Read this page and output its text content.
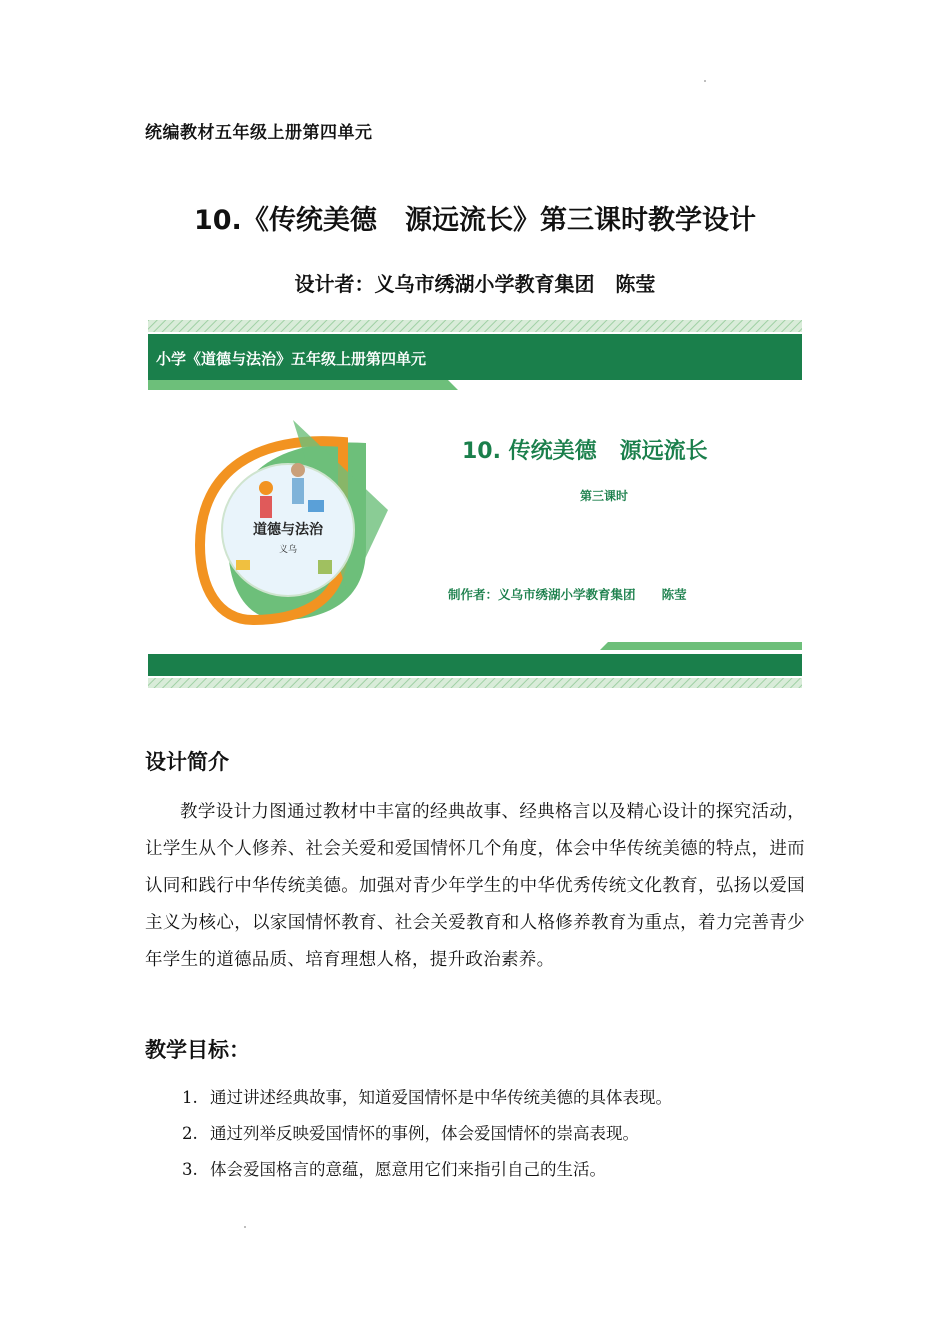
统编教材五年级上册第四单元
10.《传统美德   源远流长》第三课时教学设计
设计者：义乌市绣湖小学教育集团   陈莹
小学《道德与法治》五年级上册第四单元
道德与法治
义乌
10. 传统美德   源远流长
第三课时
制作者：义乌市绣湖小学教育集团      陈莹
设计简介
教学设计力图通过教材中丰富的经典故事、经典格言以及精心设计的探究活动，让学生从个人修养、社会关爱和爱国情怀几个角度，体会中华传统美德的特点，进而认同和践行中华传统美德。加强对青少年学生的中华优秀传统文化教育，弘扬以爱国主义为核心，以家国情怀教育、社会关爱教育和人格修养教育为重点，着力完善青少年学生的道德品质、培育理想人格，提升政治素养。
教学目标：
1. 通过讲述经典故事，知道爱国情怀是中华传统美德的具体表现。
2. 通过列举反映爱国情怀的事例，体会爱国情怀的崇高表现。
3. 体会爱国格言的意蕴，愿意用它们来指引自己的生活。
